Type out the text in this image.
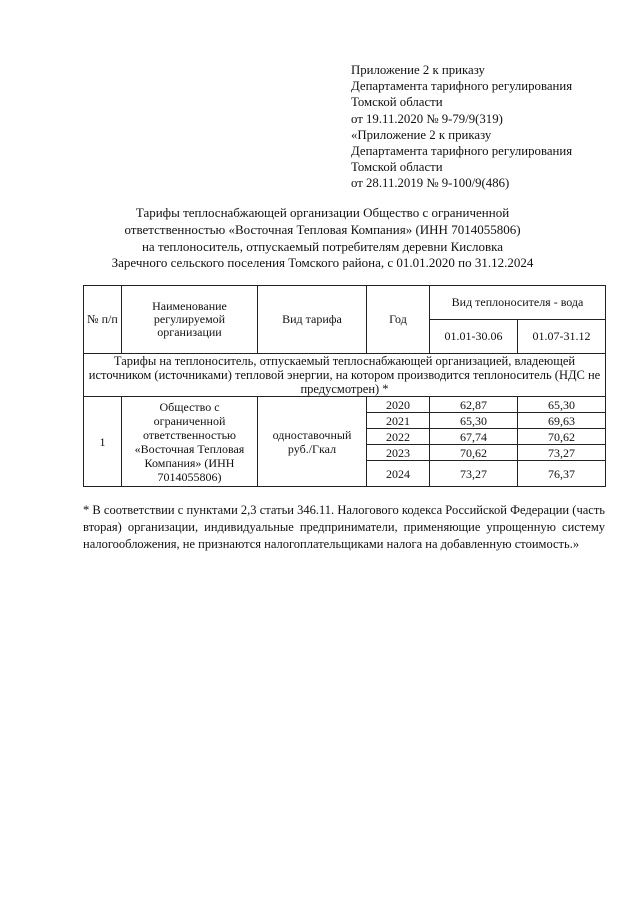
Приложение 2 к приказу
Департамента тарифного регулирования
Томской области
от 19.11.2020 № 9-79/9(319)
«Приложение 2 к приказу
Департамента тарифного регулирования
Томской области
от 28.11.2019 № 9-100/9(486)
Тарифы теплоснабжающей организации Общество с ограниченной
ответственностью «Восточная Тепловая Компания» (ИНН 7014055806)
на теплоноситель, отпускаемый потребителям деревни Кисловка
Заречного сельского поселения Томского района, с 01.01.2020 по 31.12.2024
№ п/п	Наименование регулируемой организации	Вид тарифа	Год	Вид теплоносителя - вода	
				01.01-30.06	01.07-31.12
Тарифы на теплоноситель, отпускаемый теплоснабжающей организацией, владеющей источником (источниками) тепловой энергии, на котором производится теплоноситель (НДС не предусмотрен) *					
1	Общество с ограниченной ответственностью «Восточная Тепловая Компания» (ИНН 7014055806)	одноставочный руб./Гкал	2020	62,87	65,30
			2021	65,30	69,63
			2022	67,74	70,62
			2023	70,62	73,27
			2024	73,27	76,37
* В соответствии с пунктами 2,3 статьи 346.11. Налогового кодекса Российской Федерации (часть вторая) организации, индивидуальные предприниматели, применяющие упрощенную систему налогообложения, не признаются налогоплательщиками налога на добавленную стоимость.»
